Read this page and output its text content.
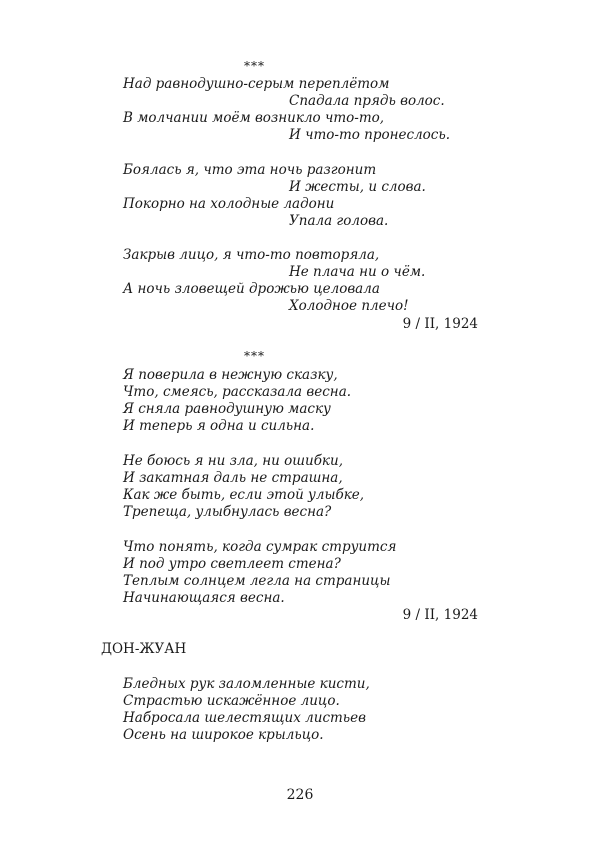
***
Над равнодушно-серым переплётом
Спадала прядь волос.
В молчании моём возникло что-то,
И что-то пронеслось.
Боялась я, что эта ночь разгонит
И жесты, и слова.
Покорно на холодные ладони
Упала голова.
Закрыв лицо, я что-то повторяла,
Не плача ни о чём.
А ночь зловещей дрожью целовала
Холодное плечо!
9 / II, 1924
***
Я поверила в нежную сказку,
Что, смеясь, рассказала весна.
Я сняла равнодушную маску
И теперь я одна и сильна.
Не боюсь я ни зла, ни ошибки,
И закатная даль не страшна,
Как же быть, если этой улыбке,
Трепеща, улыбнулась весна?
Что понять, когда сумрак струится
И под утро светлеет стена?
Теплым солнцем легла на страницы
Начинающаяся весна.
9 / II, 1924
ДОН-ЖУАН
Бледных рук заломленные кисти,
Страстью искажённое лицо.
Набросала шелестящих листьев
Осень на широкое крыльцо.
226
